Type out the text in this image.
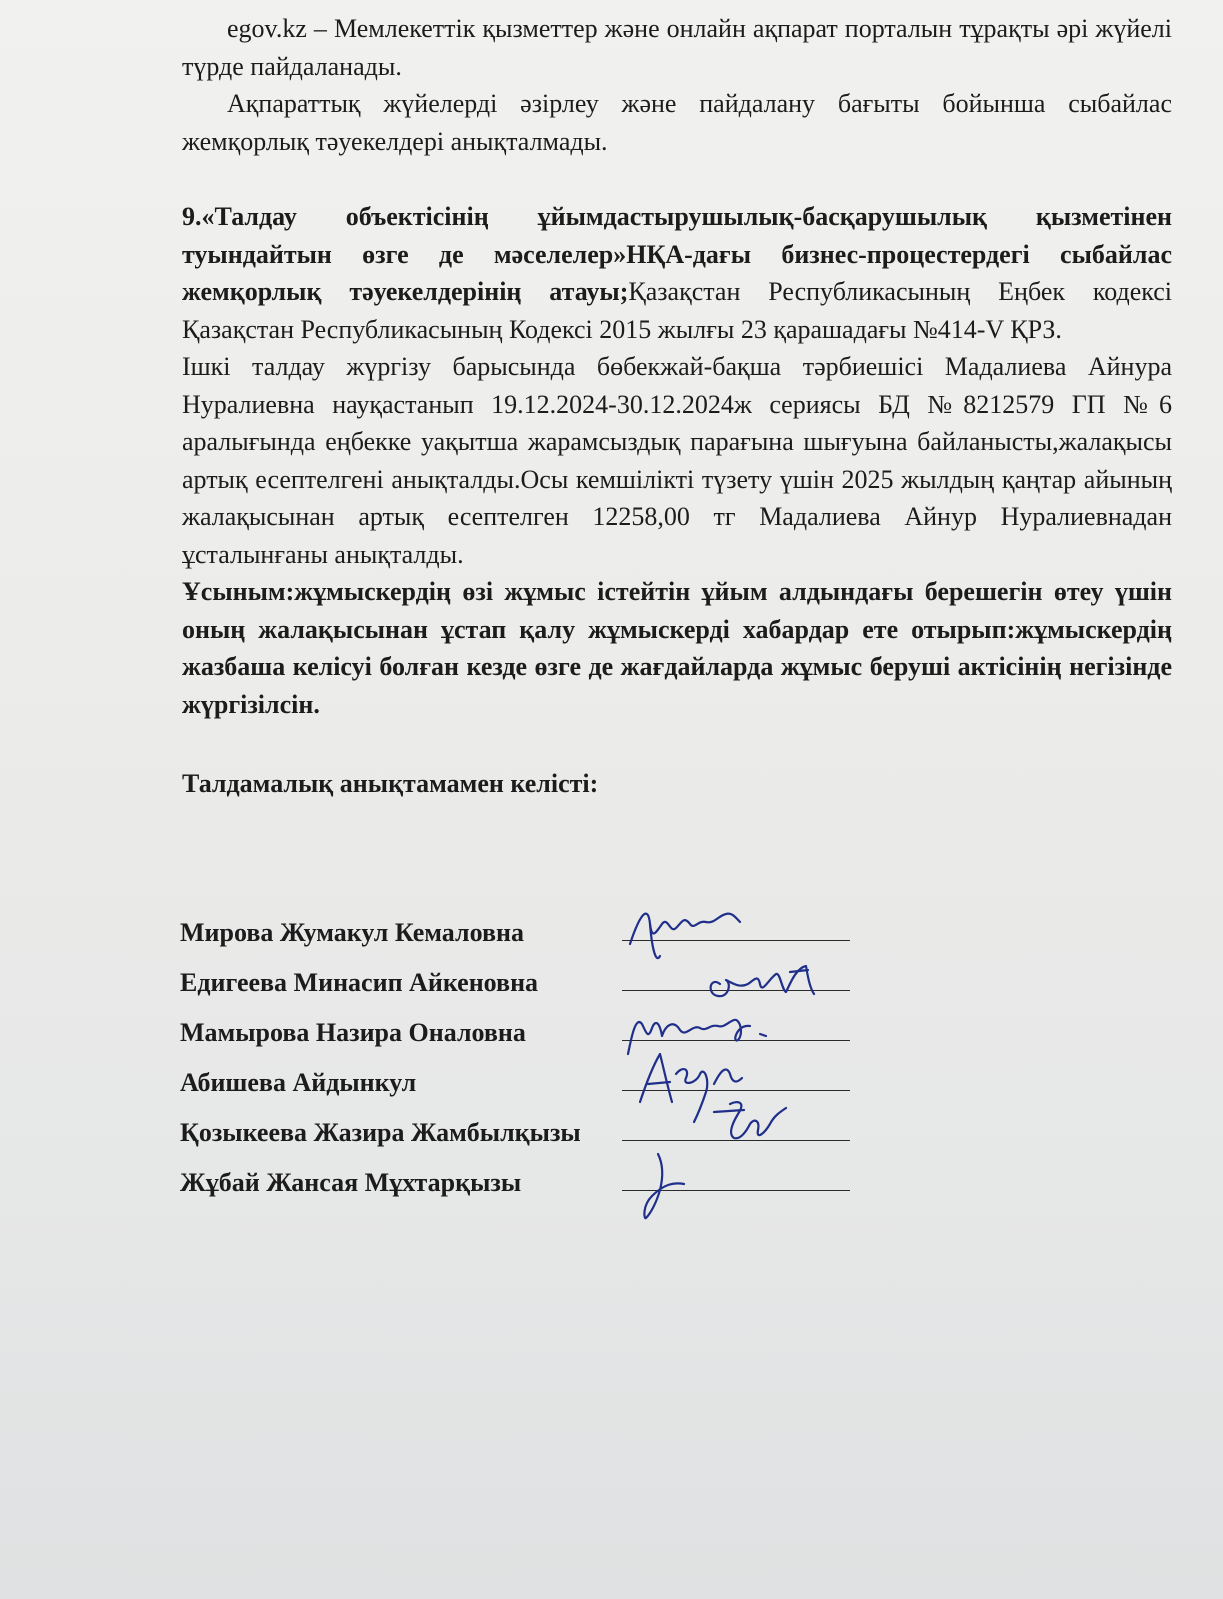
egov.kz – Мемлекеттік қызметтер және онлайн ақпарат порталын тұрақты әрі жүйелі түрде пайдаланады.

Ақпараттық жүйелерді әзірлеу және пайдалану бағыты бойынша сыбайлас жемқорлық тәуекелдері анықталмады.

9.«Талдау объектісінің ұйымдастырушылық-басқарушылық қызметінен туындайтын өзге де мәселелер»НҚА-дағы бизнес-процестердегі сыбайлас жемқорлық тәуекелдерінің атауы;Қазақстан Республикасының Еңбек кодексі Қазақстан Республикасының Кодексі 2015 жылғы 23 қарашадағы №414-V ҚРЗ.

Ішкі талдау жүргізу барысында бөбекжай-бақша тәрбиешісі Мадалиева Айнура Нуралиевна науқастанып 19.12.2024-30.12.2024ж сериясы БД №8212579 ГП №6 аралығында еңбекке уақытша жарамсыздық парағына шығуына байланысты,жалақысы артық есептелгені анықталды.Осы кемшілікті түзету үшін 2025 жылдың қаңтар айының жалақысынан артық есептелген 12258,00 тг Мадалиева Айнур Нуралиевнадан ұсталынғаны анықталды.

Ұсыным:жұмыскердің өзі жұмыс істейтін ұйым алдындағы берешегін өтеу үшін оның жалақысынан ұстап қалу жұмыскерді хабардар ете отырып:жұмыскердің жазбаша келісуі болған кезде өзге де жағдайларда жұмыс беруші актісінің негізінде жүргізілсін.

Талдамалық анықтамамен келісті:

Мирова Жумакул Кемаловна
Едигеева Минасип Айкеновна
Мамырова Назира Оналовна
Абишева Айдынкул
Қозыкеева Жазира Жамбылқызы
Жұбай Жансая Мұхтарқызы
